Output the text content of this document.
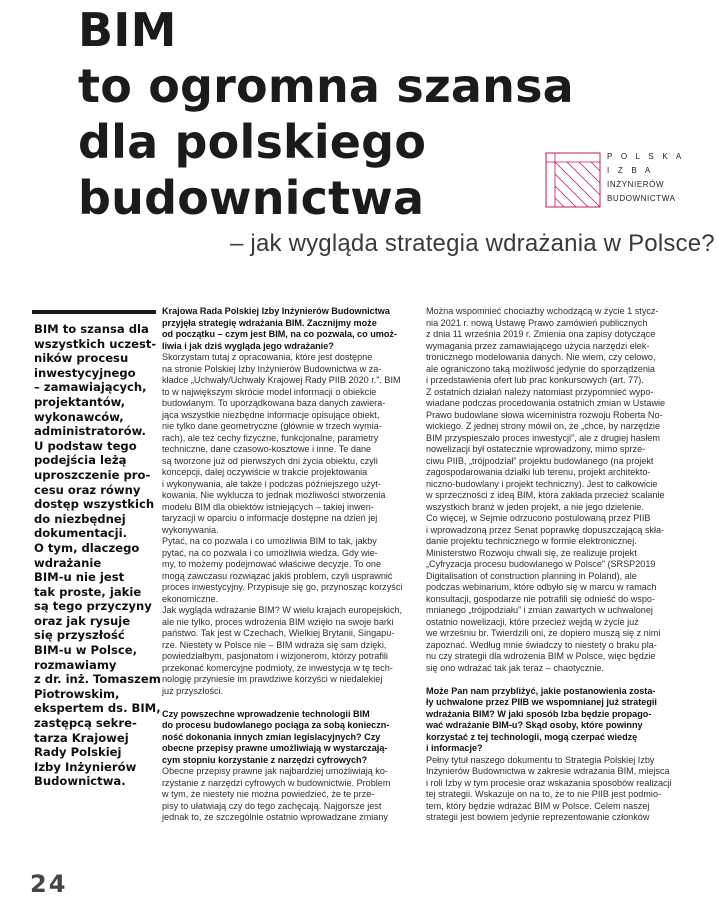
BIM
to ogromna szansa
dla polskiego
budownictwa
P O L S K A
I Z B A
INŻYNIERÓW
BUDOWNICTWA
– jak wygląda strategia wdrażania w Polsce?
BIM to szansa dla
wszystkich uczest-
ników procesu
inwestycyjnego
– zamawiających,
projektantów,
wykonawców,
administratorów.
U podstaw tego
podejścia leżą
uproszczenie pro-
cesu oraz równy
dostęp wszystkich
do niezbędnej
dokumentacji.
O tym, dlaczego
wdrażanie
BIM-u nie jest
tak proste, jakie
są tego przyczyny
oraz jak rysuje
się przyszłość
BIM-u w Polsce,
rozmawiamy
z dr. inż. Tomaszem
Piotrowskim,
ekspertem ds. BIM,
zastępcą sekre-
tarza Krajowej
Rady Polskiej
Izby Inżynierów
Budownictwa.
Krajowa Rada Polskiej Izby Inżynierów Budownictwa
przyjęła strategię wdrażania BIM. Zacznijmy może
od początku – czym jest BIM, na co pozwala, co umoż-
liwia i jak dziś wygląda jego wdrażanie?
Skorzystam tutaj z opracowania, które jest dostępne
na stronie Polskiej Izby Inżynierów Budownictwa w za-
kładce „Uchwały/Uchwały Krajowej Rady PIIB 2020 r.”. BIM
to w największym skrócie model informacji o obiekcie
budowlanym. To uporządkowana baza danych zawiera-
jąca wszystkie niezbędne informacje opisujące obiekt,
nie tylko dane geometryczne (głównie w trzech wymia-
rach), ale też cechy fizyczne, funkcjonalne, parametry
techniczne, dane czasowo-kosztowe i inne. Te dane
są tworzone już od pierwszych dni życia obiektu, czyli
koncepcji, dalej oczywiście w trakcie projektowania
i wykonywania, ale także i podczas późniejszego użyt-
kowania. Nie wyklucza to jednak możliwości stworzenia
modelu BIM dla obiektów istniejących – takiej inwen-
taryzacji w oparciu o informacje dostępne na dzień jej
wykonywania.
Pytać, na co pozwala i co umożliwia BIM to tak, jakby
pytać, na co pozwala i co umożliwia wiedza. Gdy wie-
my, to możemy podejmować właściwe decyzje. To one
mogą zawczasu rozwiązać jakiś problem, czyli usprawnić
proces inwestycyjny. Przypisuje się go, przynosząc korzyści
ekonomiczne.
Jak wygląda wdrażanie BIM? W wielu krajach europejskich,
ale nie tylko, proces wdrożenia BIM wzięło na swoje barki
państwo. Tak jest w Czechach, Wielkiej Brytanii, Singapu-
rze. Niestety w Polsce nie – BIM wdraża się sam dzięki,
powiedziałbym, pasjonatom i wizjonerom, którzy potrafili
przekonać komercyjne podmioty, że inwestycja w tę tech-
nologię przyniesie im prawdziwe korzyści w niedalekiej
już przyszłości.
Czy powszechne wprowadzenie technologii BIM
do procesu budowlanego pociąga za sobą konieczn-
ność dokonania innych zmian legislacyjnych? Czy
obecne przepisy prawne umożliwiają w wystarczają-
cym stopniu korzystanie z narzędzi cyfrowych?
Obecne przepisy prawne jak najbardziej umożliwiają ko-
rzystanie z narzędzi cyfrowych w budownictwie. Problem
w tym, że niestety nie można powiedzieć, że te prze-
pisy to ułatwiają czy do tego zachęcają. Najgorsze jest
jednak to, że szczególnie ostatnio wprowadzane zmiany
Można wspomnieć chociażby wchodzącą w życie 1 stycz-
nia 2021 r. nową Ustawę Prawo zamówień publicznych
z dnia 11 września 2019 r. Zmienia ona zapisy dotyczące
wymagania przez zamawiającego użycia narzędzi elek-
tronicznego modelowania danych. Nie wiem, czy celowo,
ale ograniczono taką możliwość jedynie do sporządzenia
i przedstawienia ofert lub prac konkursowych (art. 77).
Z ostatnich działań należy natomiast przypomnieć wypo-
wiadane podczas procedowania ostatnich zmian w Ustawie
Prawo budowlane słowa wiceministra rozwoju Roberta No-
wickiego. Z jednej strony mówił on, że „chce, by narzędzie
BIM przyspieszało proces inwestycji”, ale z drugiej hasłem
nowelizacji był ostatecznie wprowadzony, mimo sprze-
ciwu PIIB, „trójpodział” projektu budowlanego (na projekt
zagospodarowania działki lub terenu, projekt architekto-
niczno-budowlany i projekt techniczny). Jest to całkowicie
w sprzeczności z ideą BIM, która zakłada przecież scalanie
wszystkich branż w jeden projekt, a nie jego dzielenie.
Co więcej, w Sejmie odrzucono postulowaną przez PIIB
i wprowadzoną przez Senat poprawkę dopuszczającą skła-
danie projektu technicznego w formie elektronicznej.
Ministerstwo Rozwoju chwali się, że realizuje projekt
„Cyfryzacja procesu budowlanego w Polsce” (SRSP2019
Digitalisation of construction planning in Poland), ale
podczas webinarium, które odbyło się w marcu w ramach
konsultacji, gospodarze nie potrafili się odnieść do wspo-
mnianego „trójpodziału” i zmian zawartych w uchwalonej
ostatnio nowelizacji, które przecież wejdą w życie już
we wrześniu br. Twierdzili oni, że dopiero muszą się z nimi
zapoznać. Według mnie świadczy to niestety o braku pla-
nu czy strategii dla wdrożenia BIM w Polsce, więc będzie
się ono wdrażać tak jak teraz – chaotycznie.
Może Pan nam przybliżyć, jakie postanowienia zosta-
ły uchwalone przez PIIB we wspomnianej już strategii
wdrażania BIM? W jaki sposób Izba będzie propago-
wać wdrażanie BIM-u? Skąd osoby, które powinny
korzystać z tej technologii, mogą czerpać wiedzę
i informacje?
Pełny tytuł naszego dokumentu to Strategia Polskiej Izby
Inżynierów Budownictwa w zakresie wdrażania BIM, miejsca
i roli Izby w tym procesie oraz wskazania sposobów realizacji
tej strategii. Wskazuje on na to, że to nie PIIB jest podmio-
tem, który będzie wdrażać BIM w Polsce. Celem naszej
strategii jest bowiem jedynie reprezentowanie członków
24
